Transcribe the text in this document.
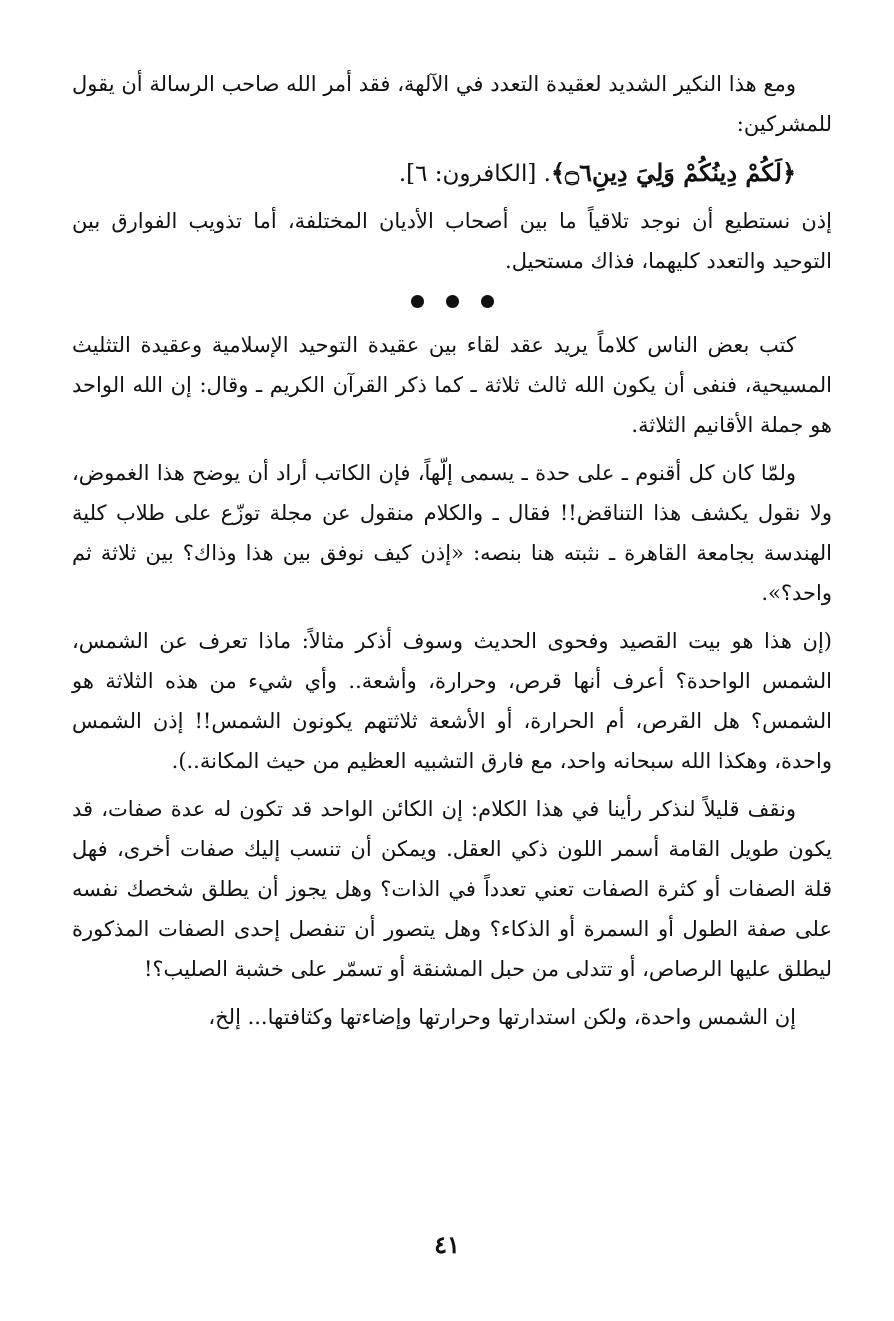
ومع هذا النكير الشديد لعقيدة التعدد في الآلهة، فقد أمر الله صاحب الرسالة أن يقول للمشركين:

﴿لَكُمْ دِينُكُمْ وَلِيَ دِينِ۝٦﴾. [الكافرون: ٦].

إذن نستطيع أن نوجد تلاقياً ما بين أصحاب الأديان المختلفة، أما تذويب الفوارق بين التوحيد والتعدد كليهما، فذاك مستحيل.

كتب بعض الناس كلاماً يريد عقد لقاء بين عقيدة التوحيد الإسلامية وعقيدة التثليث المسيحية، فنفى أن يكون الله ثالث ثلاثة ـ كما ذكر القرآن الكريم ـ وقال: إن الله الواحد هو جملة الأقانيم الثلاثة.

ولمّا كان كل أقنوم ـ على حدة ـ يسمى إلّهاً، فإن الكاتب أراد أن يوضح هذا الغموض، ولا نقول يكشف هذا التناقض!! فقال ـ والكلام منقول عن مجلة توزّع على طلاب كلية الهندسة بجامعة القاهرة ـ نثبته هنا بنصه: «إذن كيف نوفق بين هذا وذاك؟ بين ثلاثة ثم واحد؟».

(إن هذا هو بيت القصيد وفحوى الحديث وسوف أذكر مثالاً: ماذا تعرف عن الشمس، الشمس الواحدة؟ أعرف أنها قرص، وحرارة، وأشعة.. وأي شيء من هذه الثلاثة هو الشمس؟ هل القرص، أم الحرارة، أو الأشعة ثلاثتهم يكونون الشمس!! إذن الشمس واحدة، وهكذا الله سبحانه واحد، مع فارق التشبيه العظيم من حيث المكانة..).

ونقف قليلاً لنذكر رأينا في هذا الكلام: إن الكائن الواحد قد تكون له عدة صفات، قد يكون طويل القامة أسمر اللون ذكي العقل. ويمكن أن تنسب إليك صفات أخرى، فهل قلة الصفات أو كثرة الصفات تعني تعدداً في الذات؟ وهل يجوز أن يطلق شخصك نفسه على صفة الطول أو السمرة أو الذكاء؟ وهل يتصور أن تنفصل إحدى الصفات المذكورة ليطلق عليها الرصاص، أو تتدلى من حبل المشنقة أو تسمّر على خشبة الصليب؟!

إن الشمس واحدة، ولكن استدارتها وحرارتها وإضاءتها وكثافتها... إلخ،

٤١
